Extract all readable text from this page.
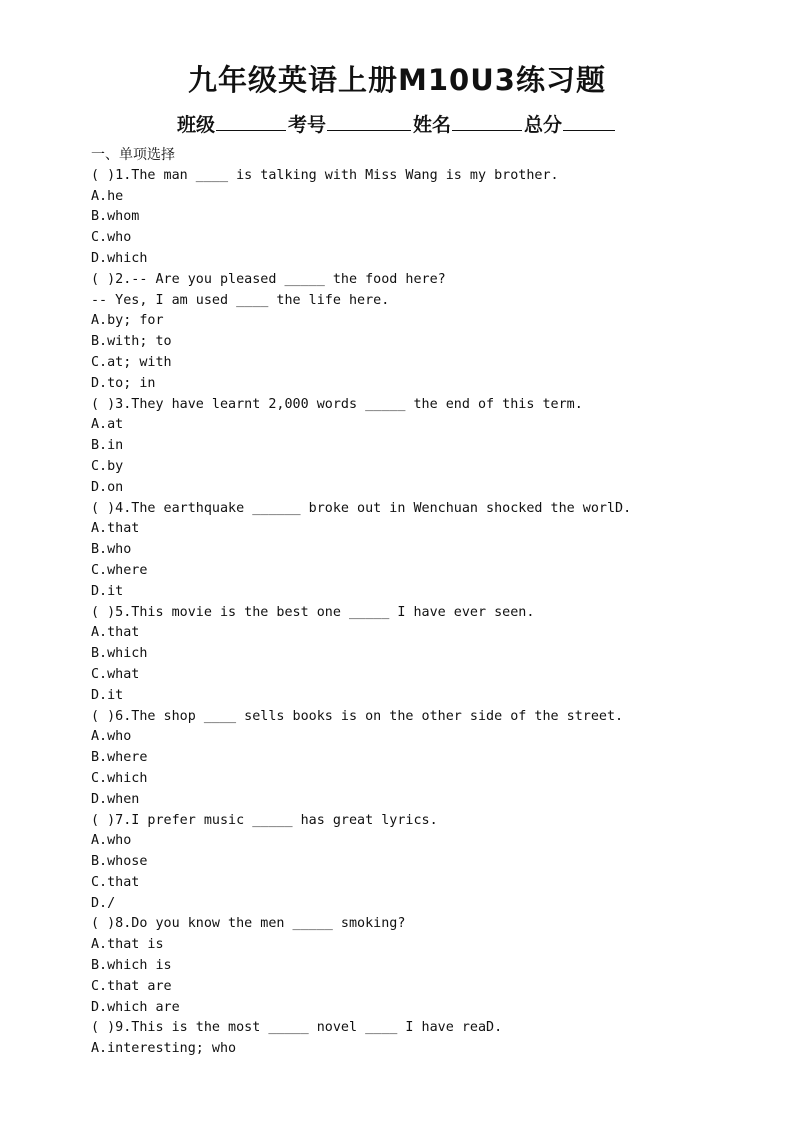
九年级英语上册M10U3练习题
班级	考号	姓名	总分
一、单项选择
( )1.The man ____ is talking with Miss Wang is my brother.
A.he
B.whom
C.who
D.which
( )2.-- Are you pleased _____ the food here?
-- Yes, I am used ____ the life here.
A.by; for
B.with; to
C.at; with
D.to; in
( )3.They have learnt 2,000 words _____ the end of this term.
A.at
B.in
C.by
D.on
( )4.The earthquake ______ broke out in Wenchuan shocked the worlD.
A.that
B.who
C.where
D.it
( )5.This movie is the best one _____ I have ever seen.
A.that
B.which
C.what
D.it
( )6.The shop ____ sells books is on the other side of the street.
A.who
B.where
C.which
D.when
( )7.I prefer music _____ has great lyrics.
A.who
B.whose
C.that
D./
( )8.Do you know the men _____ smoking?
A.that is
B.which is
C.that are
D.which are
( )9.This is the most _____ novel ____ I have reaD.
A.interesting; who
